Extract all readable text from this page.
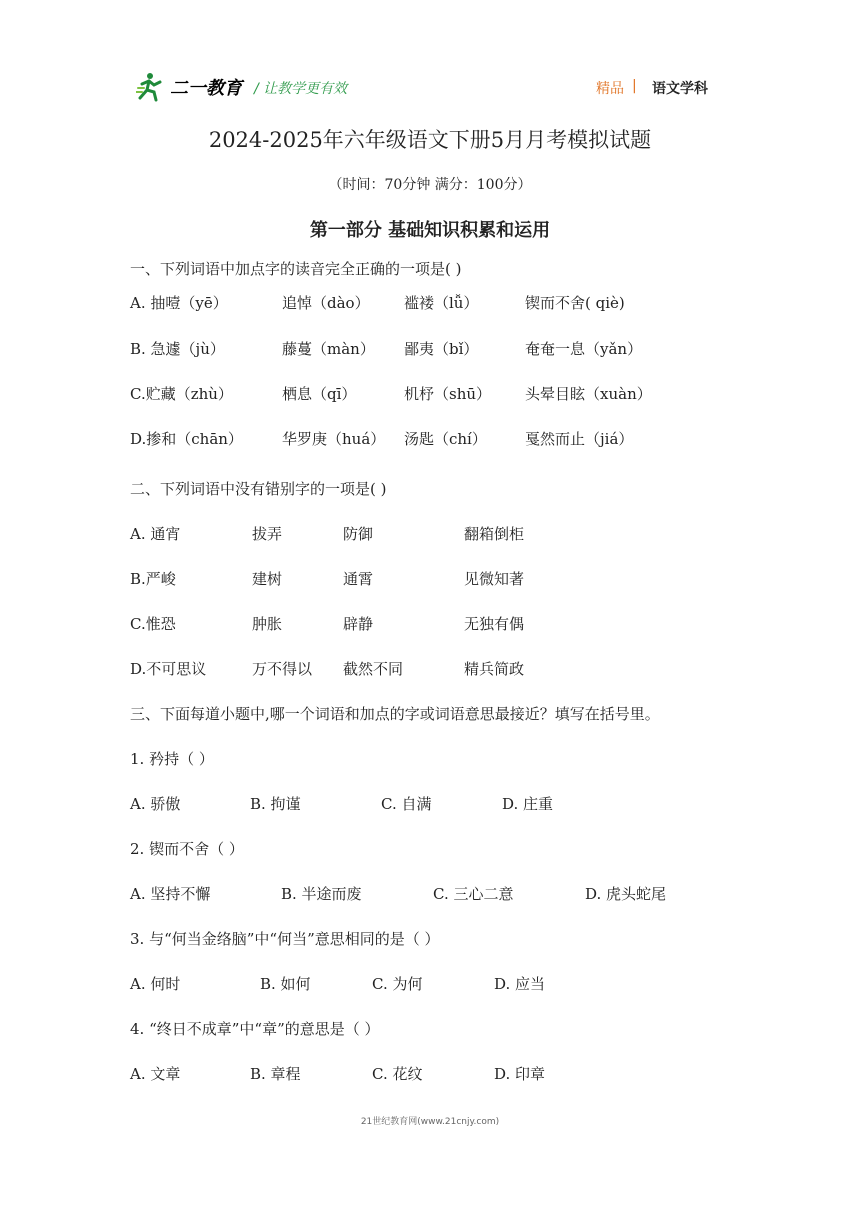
二一教育 / 让教学更有效	精品 | 语文学科
2024-2025年六年级语文下册5月月考模拟试题
（时间：70分钟 满分：100分）
第一部分 基础知识积累和运用
一、下列词语中加点字的读音完全正确的一项是( )
A. 抽噎（yē）	追悼（dào） 褴褛（lǚ）	锲而不舍( qiè)
B. 急遽（jù）	藤蔓（màn） 鄙夷（bǐ）	奄奄一息（yǎn）
C.贮藏（zhù）	栖息（qī）	机杼（shū） 头晕目眩（xuàn）
D.掺和（chān）	华罗庚（huá） 汤匙（chí）	戛然而止（jiá）
二、下列词语中没有错别字的一项是( )
A. 通宵	拔弄	防御	翻箱倒柜
B.严峻	建树	通霄	见微知著
C.惟恐	肿胀	辟静	无独有偶
D.不可思议	万不得以 截然不同	精兵简政
三、下面每道小题中,哪一个词语和加点的字或词语意思最接近？填写在括号里。
1. 矜持（ ）
A. 骄傲	B. 拘谨	C. 自满	D. 庄重
2. 锲而不舍（ ）
A. 坚持不懈	B. 半途而废	C. 三心二意	D. 虎头蛇尾
3. 与“何当金络脑”中“何当”意思相同的是（ ）
A. 何时	B. 如何	C. 为何	D. 应当
4. “终日不成章”中“章”的意思是（ ）
A. 文章	B. 章程	C. 花纹	D. 印章
21世纪教育网(www.21cnjy.com)
